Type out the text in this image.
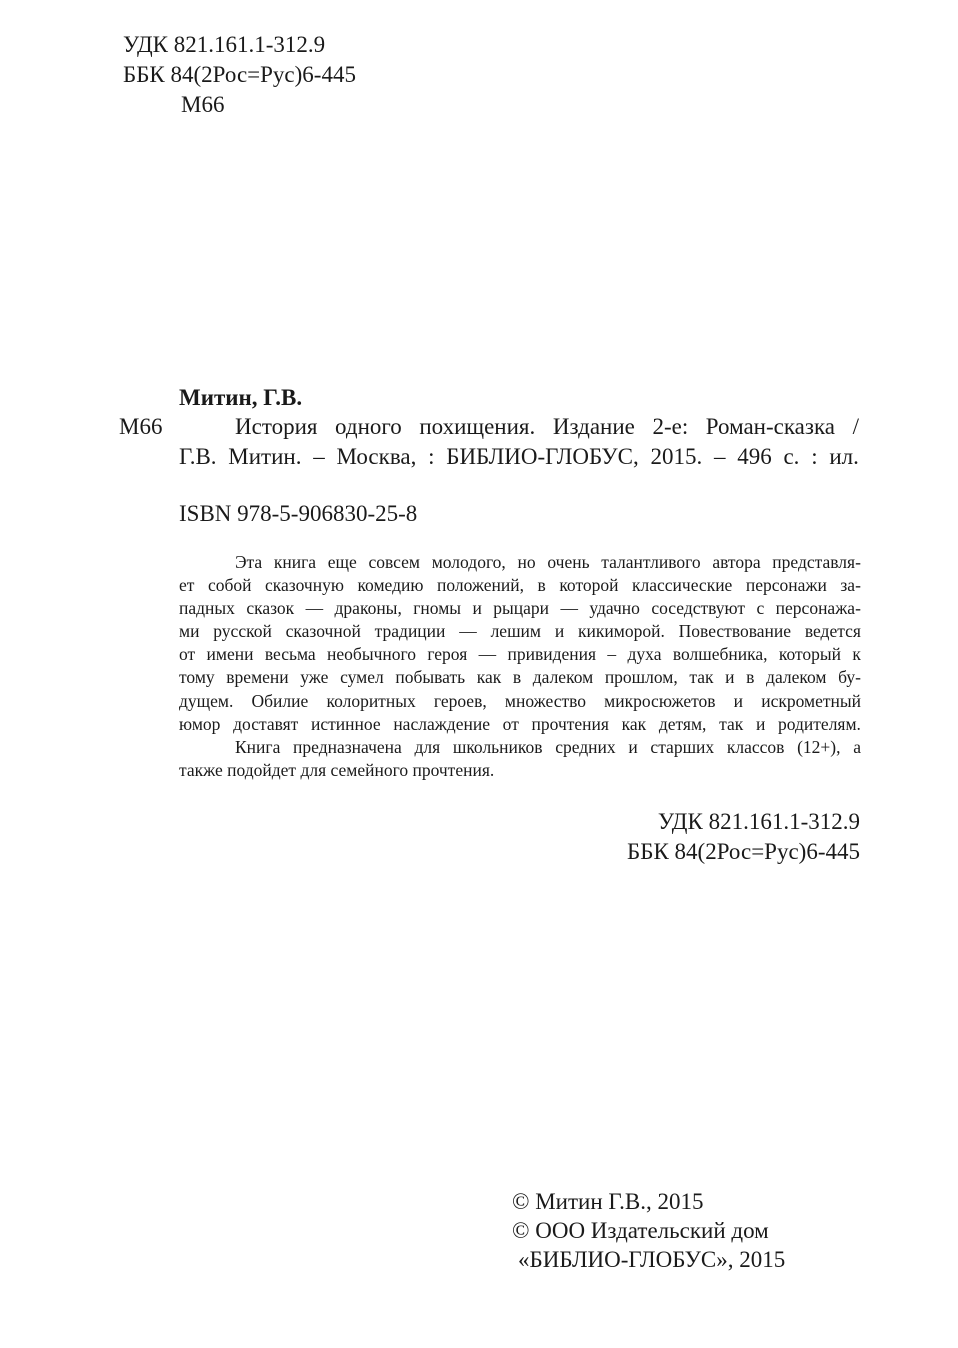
УДК 821.161.1-312.9
ББК 84(2Рос=Рус)6-445
М66
Митин, Г.В.
М66	История одного похищения. Издание 2-е: Роман-сказка /
Г.В. Митин. – Москва, : БИБЛИО-ГЛОБУС, 2015. – 496 с. : ил.
ISBN 978-5-906830-25-8
Эта книга еще совсем молодого, но очень талантливого автора представля-
ет собой сказочную комедию положений, в которой классические персонажи за-
падных сказок — драконы, гномы и рыцари — удачно соседствуют с персонажа-
ми русской сказочной традиции — лешим и кикиморой. Повествование ведется
от имени весьма необычного героя — привидения – духа волшебника, который к
тому времени уже сумел побывать как в далеком прошлом, так и в далеком бу-
дущем. Обилие колоритных героев, множество микросюжетов и искрометный
юмор доставят истинное наслаждение от прочтения как детям, так и родителям.
Книга предназначена для школьников средних и старших классов (12+), а
также подойдет для семейного прочтения.
УДК 821.161.1-312.9
ББК 84(2Рос=Рус)6-445
© Митин Г.В., 2015
© ООО Издательский дом
«БИБЛИО-ГЛОБУС», 2015
